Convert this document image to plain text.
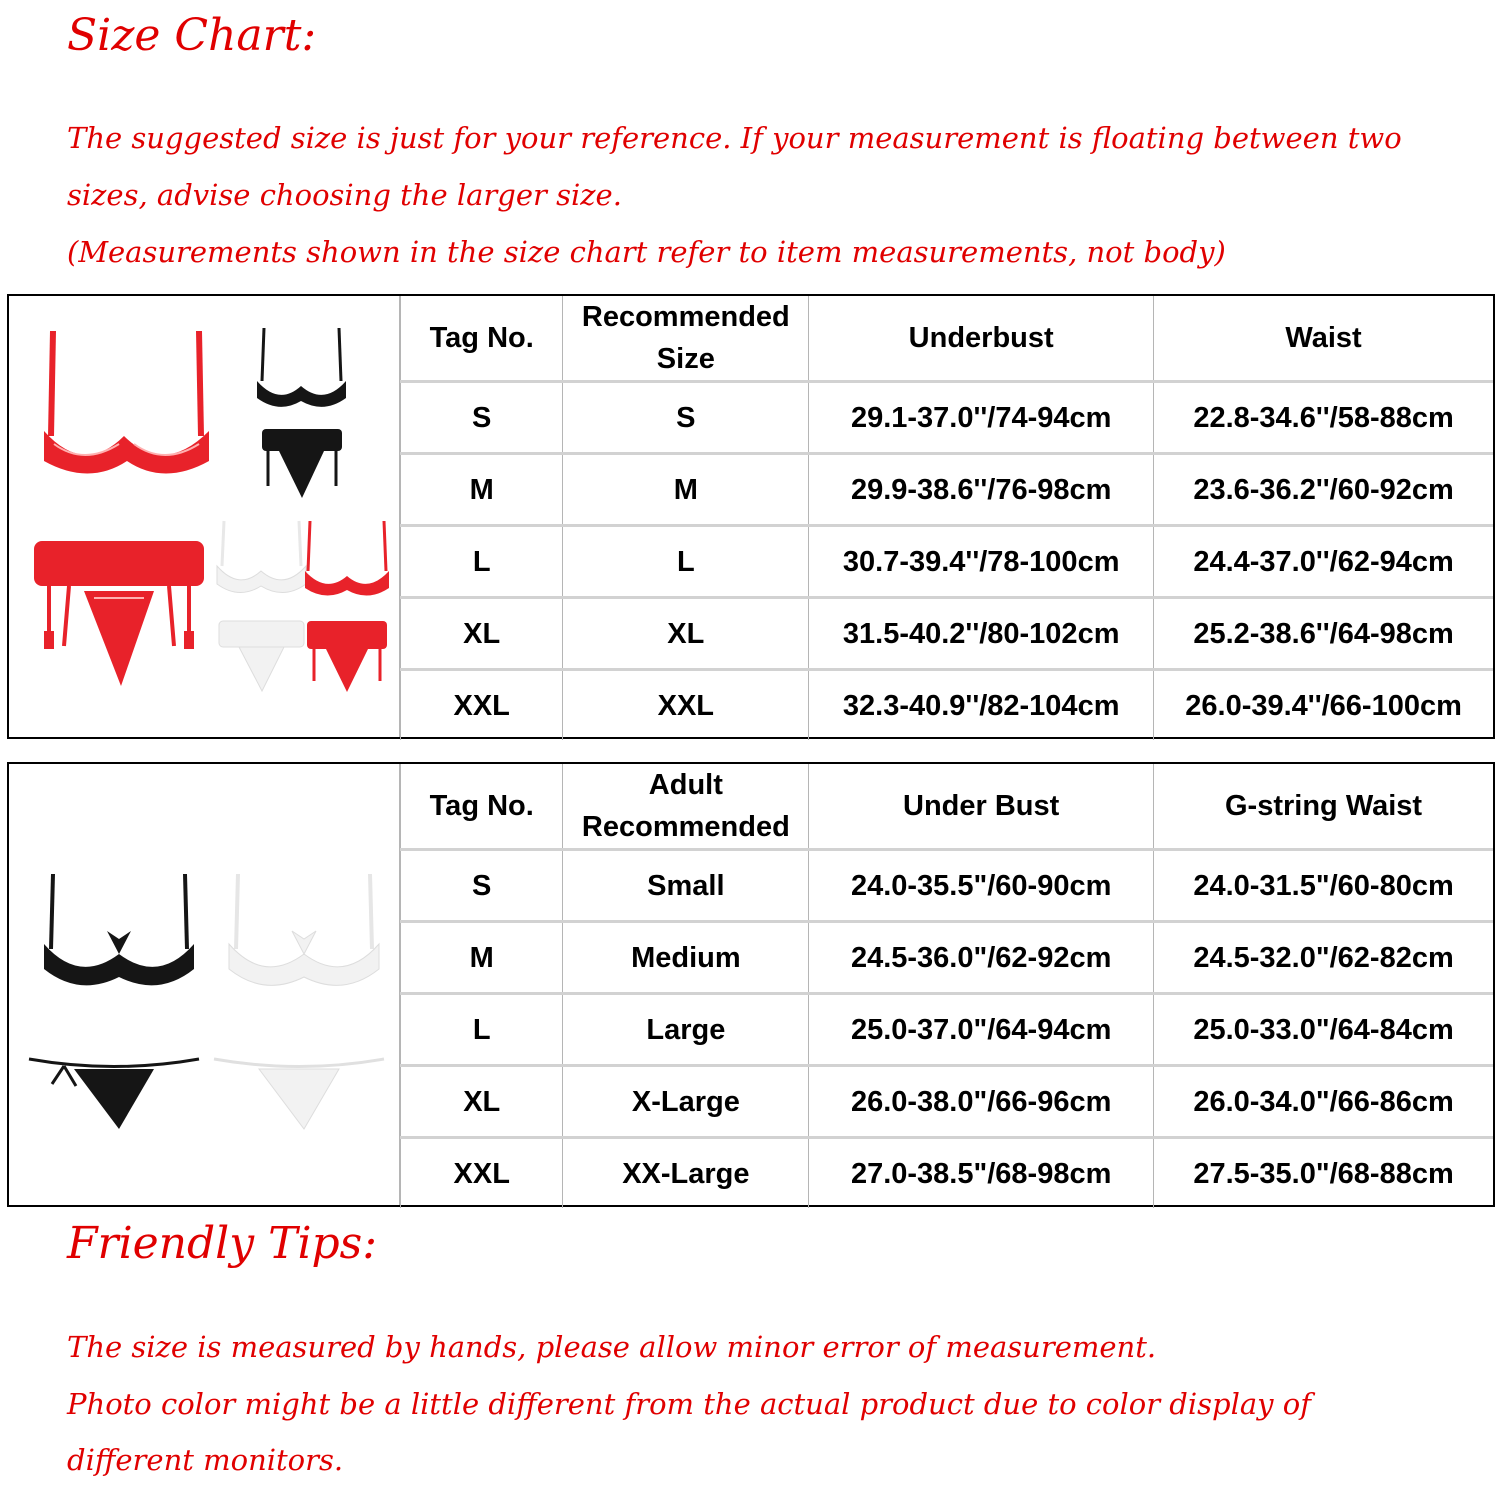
Size Chart:

The suggested size is just for your reference. If your measurement is floating between two

sizes, advise choosing the larger size.

(Measurements shown in the size chart refer to item measurements, not body)

Tag No.	Recommended Size	Underbust	Waist
S	S	29.1-37.0''/74-94cm	22.8-34.6''/58-88cm
M	M	29.9-38.6''/76-98cm	23.6-36.2''/60-92cm
L	L	30.7-39.4''/78-100cm	24.4-37.0''/62-94cm
XL	XL	31.5-40.2''/80-102cm	25.2-38.6''/64-98cm
XXL	XXL	32.3-40.9''/82-104cm	26.0-39.4''/66-100cm
Tag No.	Adult Recommended	Under Bust	G-string Waist
S	Small	24.0-35.5"/60-90cm	24.0-31.5"/60-80cm
M	Medium	24.5-36.0"/62-92cm	24.5-32.0"/62-82cm
L	Large	25.0-37.0"/64-94cm	25.0-33.0"/64-84cm
XL	X-Large	26.0-38.0"/66-96cm	26.0-34.0"/66-86cm
XXL	XX-Large	27.0-38.5"/68-98cm	27.5-35.0"/68-88cm

Friendly Tips:

The size is measured by hands, please allow minor error of measurement.

Photo color might be a little different from the actual product due to color display of

different monitors.
